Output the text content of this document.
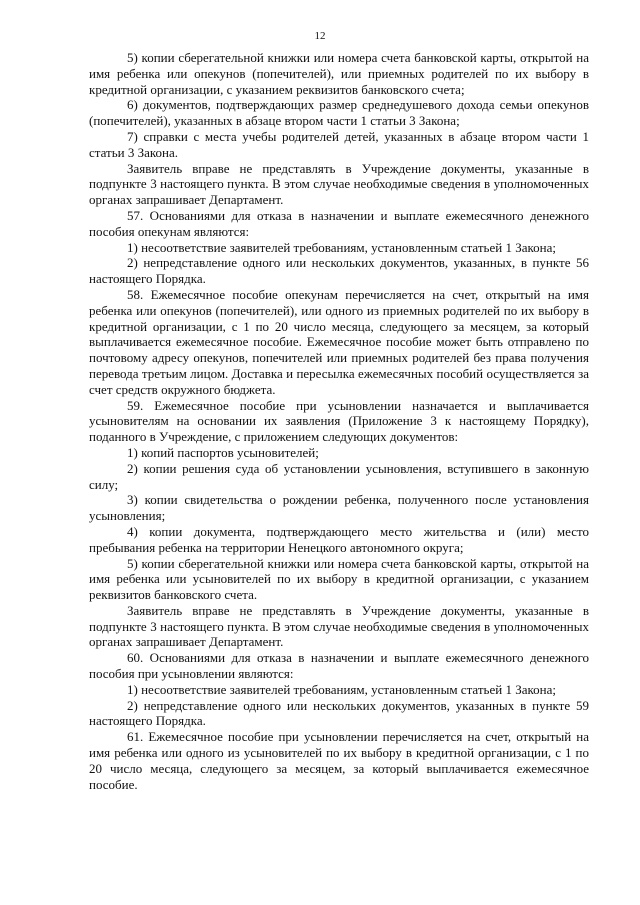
12

5) копии сберегательной книжки или номера счета банковской карты, открытой на имя ребенка или опекунов (попечителей), или приемных родителей по их выбору в кредитной организации, с указанием реквизитов банковского счета;

6) документов, подтверждающих размер среднедушевого дохода семьи опекунов (попечителей), указанных в абзаце втором части 1 статьи 3 Закона;

7) справки с места учебы родителей детей, указанных в абзаце втором части 1 статьи 3 Закона.

Заявитель вправе не представлять в Учреждение документы, указанные в подпункте 3 настоящего пункта. В этом случае необходимые сведения в уполномоченных органах запрашивает Департамент.

57. Основаниями для отказа в назначении и выплате ежемесячного денежного пособия опекунам являются:

1) несоответствие заявителей требованиям, установленным статьей 1 Закона;

2) непредставление одного или нескольких документов, указанных, в пункте 56 настоящего Порядка.

58. Ежемесячное пособие опекунам перечисляется на счет, открытый на имя ребенка или опекунов (попечителей), или одного из приемных родителей по их выбору в кредитной организации, с 1 по 20 число месяца, следующего за месяцем, за который выплачивается ежемесячное пособие. Ежемесячное пособие может быть отправлено по почтовому адресу опекунов, попечителей или приемных родителей без права получения перевода третьим лицом. Доставка и пересылка ежемесячных пособий осуществляется за счет средств окружного бюджета.

59. Ежемесячное пособие при усыновлении назначается и выплачивается усыновителям на основании их заявления (Приложение 3 к настоящему Порядку), поданного в Учреждение, с приложением следующих документов:

1) копий паспортов усыновителей;

2) копии решения суда об установлении усыновления, вступившего в законную силу;

3) копии свидетельства о рождении ребенка, полученного после установления усыновления;

4) копии документа, подтверждающего место жительства и (или) место пребывания ребенка на территории Ненецкого автономного округа;

5) копии сберегательной книжки или номера счета банковской карты, открытой на имя ребенка или усыновителей по их выбору в кредитной организации, с указанием реквизитов банковского счета.

Заявитель вправе не представлять в Учреждение документы, указанные в подпункте 3 настоящего пункта. В этом случае необходимые сведения в уполномоченных органах запрашивает Департамент.

60. Основаниями для отказа в назначении и выплате ежемесячного денежного пособия при усыновлении являются:

1) несоответствие заявителей требованиям, установленным статьей 1 Закона;

2) непредставление одного или нескольких документов, указанных в пункте 59 настоящего Порядка.

61. Ежемесячное пособие при усыновлении перечисляется на счет, открытый на имя ребенка или одного из усыновителей по их выбору в кредитной организации, с 1 по 20 число месяца, следующего за месяцем, за который выплачивается ежемесячное пособие.
